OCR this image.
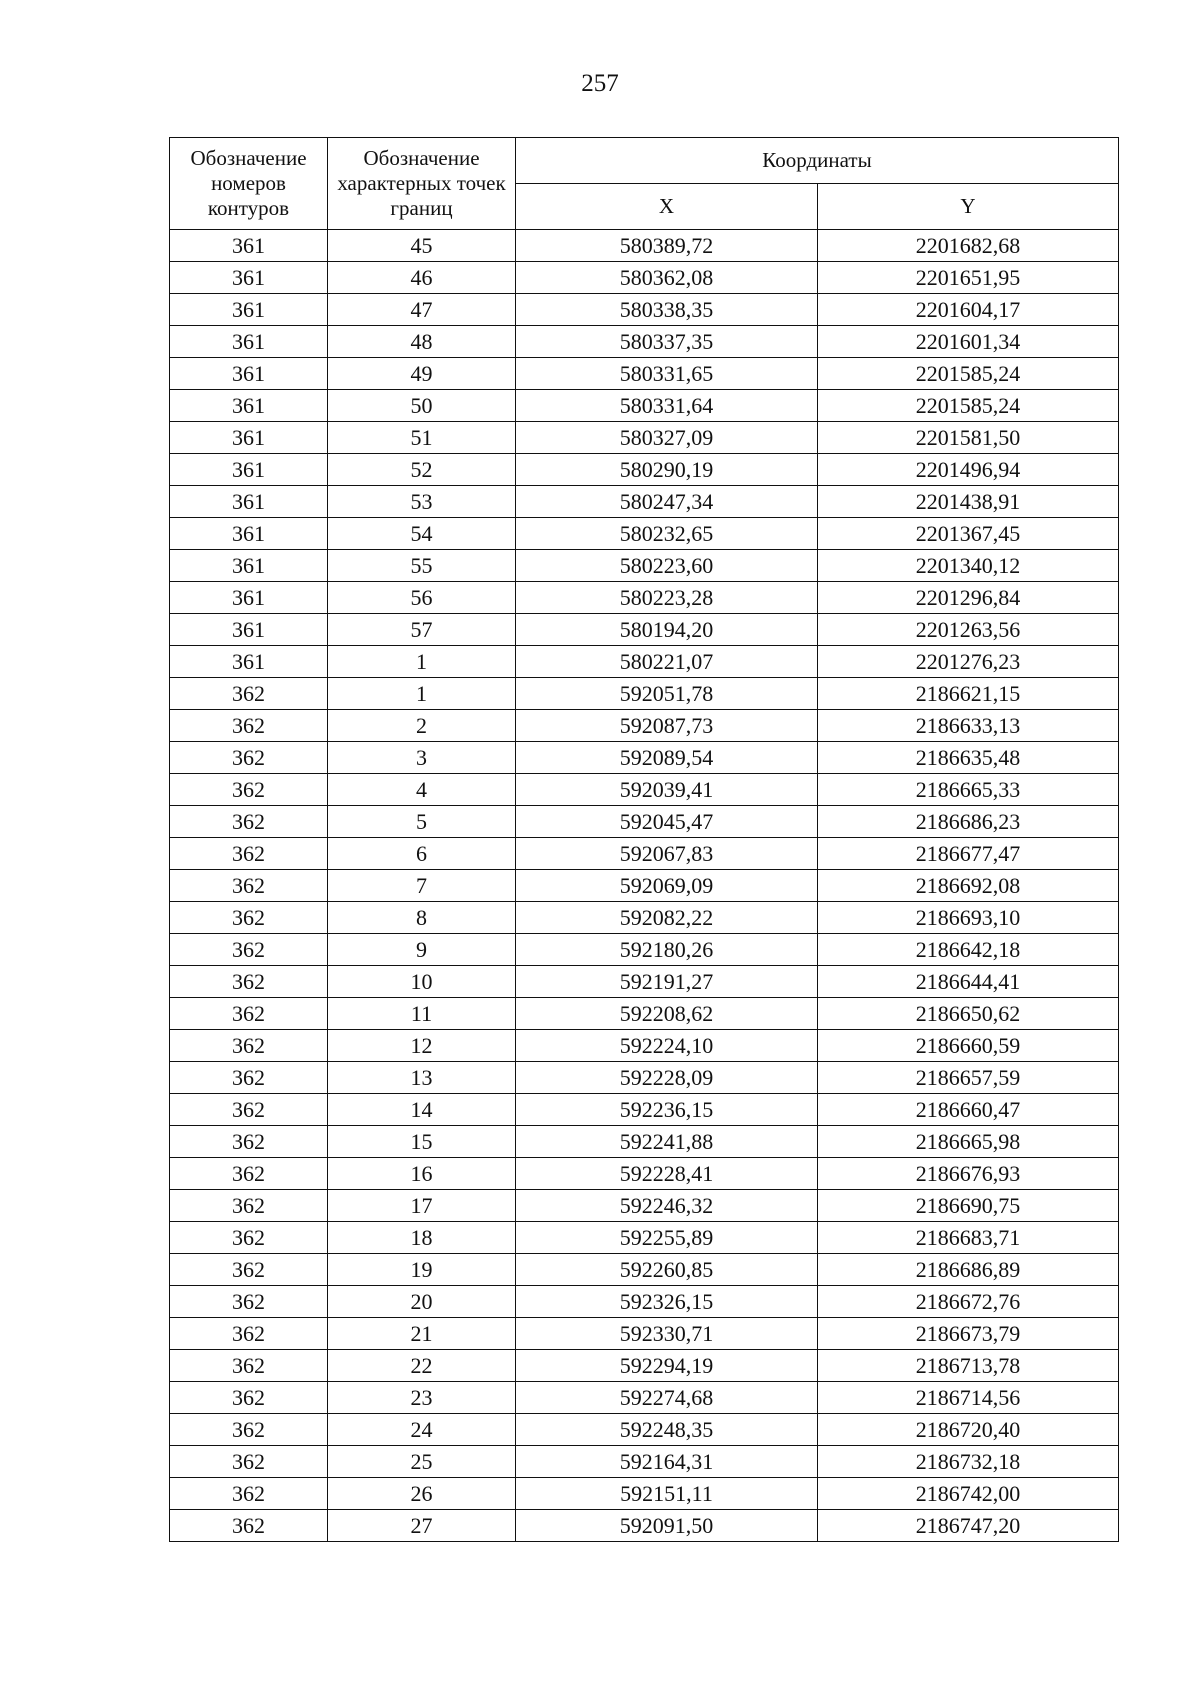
257
Обозначение номеров контуров	Обозначение характерных точек границ	Координаты	
		X	Y
361	45	580389,72	2201682,68
361	46	580362,08	2201651,95
361	47	580338,35	2201604,17
361	48	580337,35	2201601,34
361	49	580331,65	2201585,24
361	50	580331,64	2201585,24
361	51	580327,09	2201581,50
361	52	580290,19	2201496,94
361	53	580247,34	2201438,91
361	54	580232,65	2201367,45
361	55	580223,60	2201340,12
361	56	580223,28	2201296,84
361	57	580194,20	2201263,56
361	1	580221,07	2201276,23
362	1	592051,78	2186621,15
362	2	592087,73	2186633,13
362	3	592089,54	2186635,48
362	4	592039,41	2186665,33
362	5	592045,47	2186686,23
362	6	592067,83	2186677,47
362	7	592069,09	2186692,08
362	8	592082,22	2186693,10
362	9	592180,26	2186642,18
362	10	592191,27	2186644,41
362	11	592208,62	2186650,62
362	12	592224,10	2186660,59
362	13	592228,09	2186657,59
362	14	592236,15	2186660,47
362	15	592241,88	2186665,98
362	16	592228,41	2186676,93
362	17	592246,32	2186690,75
362	18	592255,89	2186683,71
362	19	592260,85	2186686,89
362	20	592326,15	2186672,76
362	21	592330,71	2186673,79
362	22	592294,19	2186713,78
362	23	592274,68	2186714,56
362	24	592248,35	2186720,40
362	25	592164,31	2186732,18
362	26	592151,11	2186742,00
362	27	592091,50	2186747,20
